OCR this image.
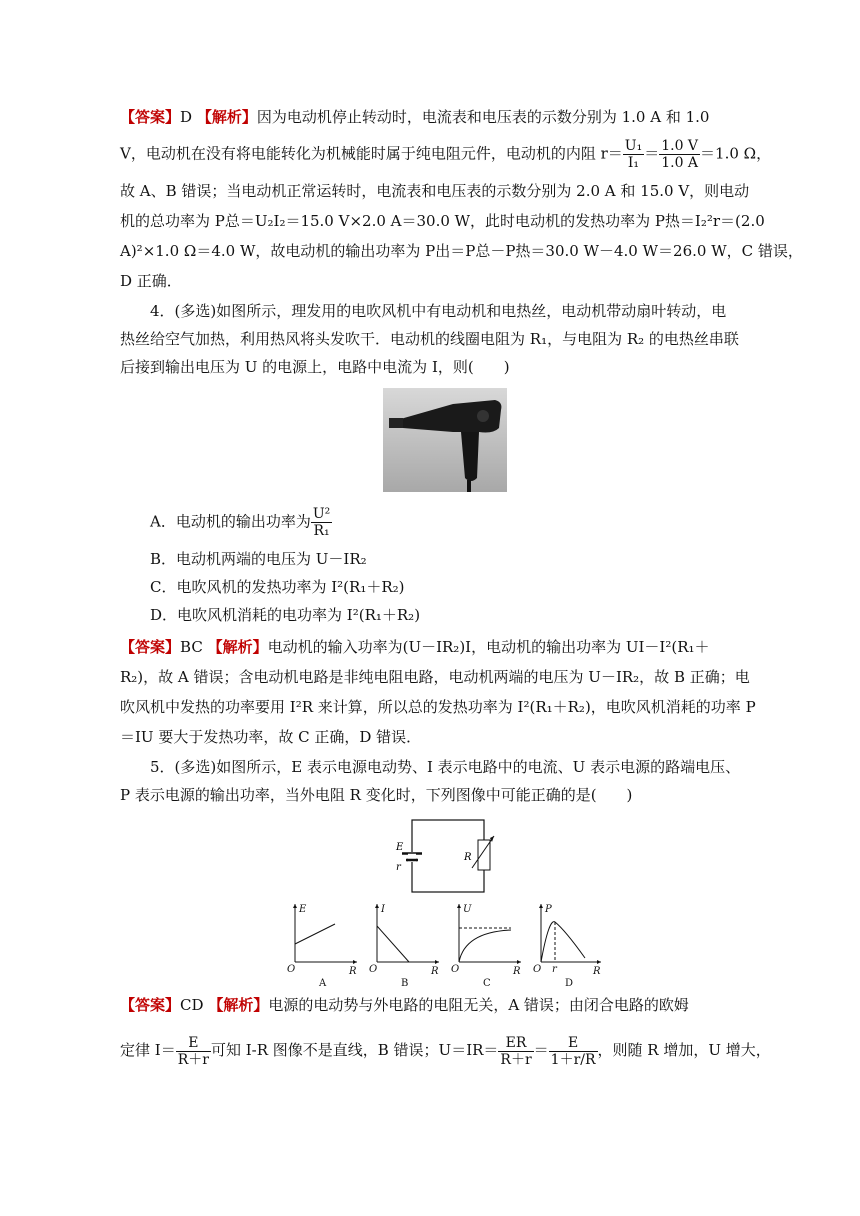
【答案】D 【解析】因为电动机停止转动时，电流表和电压表的示数分别为 1.0 A 和 1.0
V，电动机在没有将电能转化为机械能时属于纯电阻元件，电动机的内阻 $r= \frac{\text{U₁}}{\text{I₁}} = \frac{1.0 V}{1.0 A} =1.0$ Ω，
故 A、B 错误；当电动机正常运转时，电流表和电压表的示数分别为 2.0 A 和 15.0 V，则电动
机的总功率为 P总＝U₂I₂＝15.0 V×2.0 A＝30.0 W，此时电动机的发热功率为 P热＝I₂²r＝(2.0
A)²×1.0 Ω＝4.0 W，故电动机的输出功率为 P出＝P总－P热＝30.0 W－4.0 W＝26.0 W，C 错误，
D 正确．
4．(多选)如图所示，理发用的电吹风机中有电动机和电热丝，电动机带动扇叶转动，电
热丝给空气加热，利用热风将头发吹干．电动机的线圈电阻为 R₁，与电阻为 R₂ 的电热丝串联
后接到输出电压为 U 的电源上，电路中电流为 I，则(　　)
A．电动机的输出功率为 $\frac{\text{U²}}{\text{R₁}}$
B．电动机两端的电压为 U－IR₂
C．电吹风机的发热功率为 I²(R₁＋R₂)
D．电吹风机消耗的电功率为 I²(R₁＋R₂)
【答案】BC 【解析】电动机的输入功率为(U－IR₂)I，电动机的输出功率为 UI－I²(R₁＋
R₂)，故 A 错误；含电动机电路是非纯电阻电路，电动机两端的电压为 U－IR₂，故 B 正确；电
吹风机中发热的功率要用 I²R 来计算，所以总的发热功率为 I²(R₁＋R₂)，电吹风机消耗的功率 P
＝IU 要大于发热功率，故 C 正确，D 错误．
5．(多选)如图所示，E 表示电源电动势、I 表示电路中的电流、U 表示电源的路端电压、
P 表示电源的输出功率，当外电阻 R 变化时，下列图像中可能正确的是(　　)
E
r
R
E
R
O
A
I
R
O
B
U
R
O
C
P
R
O r
D
【答案】CD 【解析】电源的电动势与外电路的电阻无关，A 错误；由闭合电路的欧姆
定律 $I= \frac{E}{R+r}$ 可知 I-R 图像不是直线，B 错误；$U=IR= \frac{ER}{R+r} = \frac{E}{1+r/R}$ ，则随 R 增加，U 增大，
